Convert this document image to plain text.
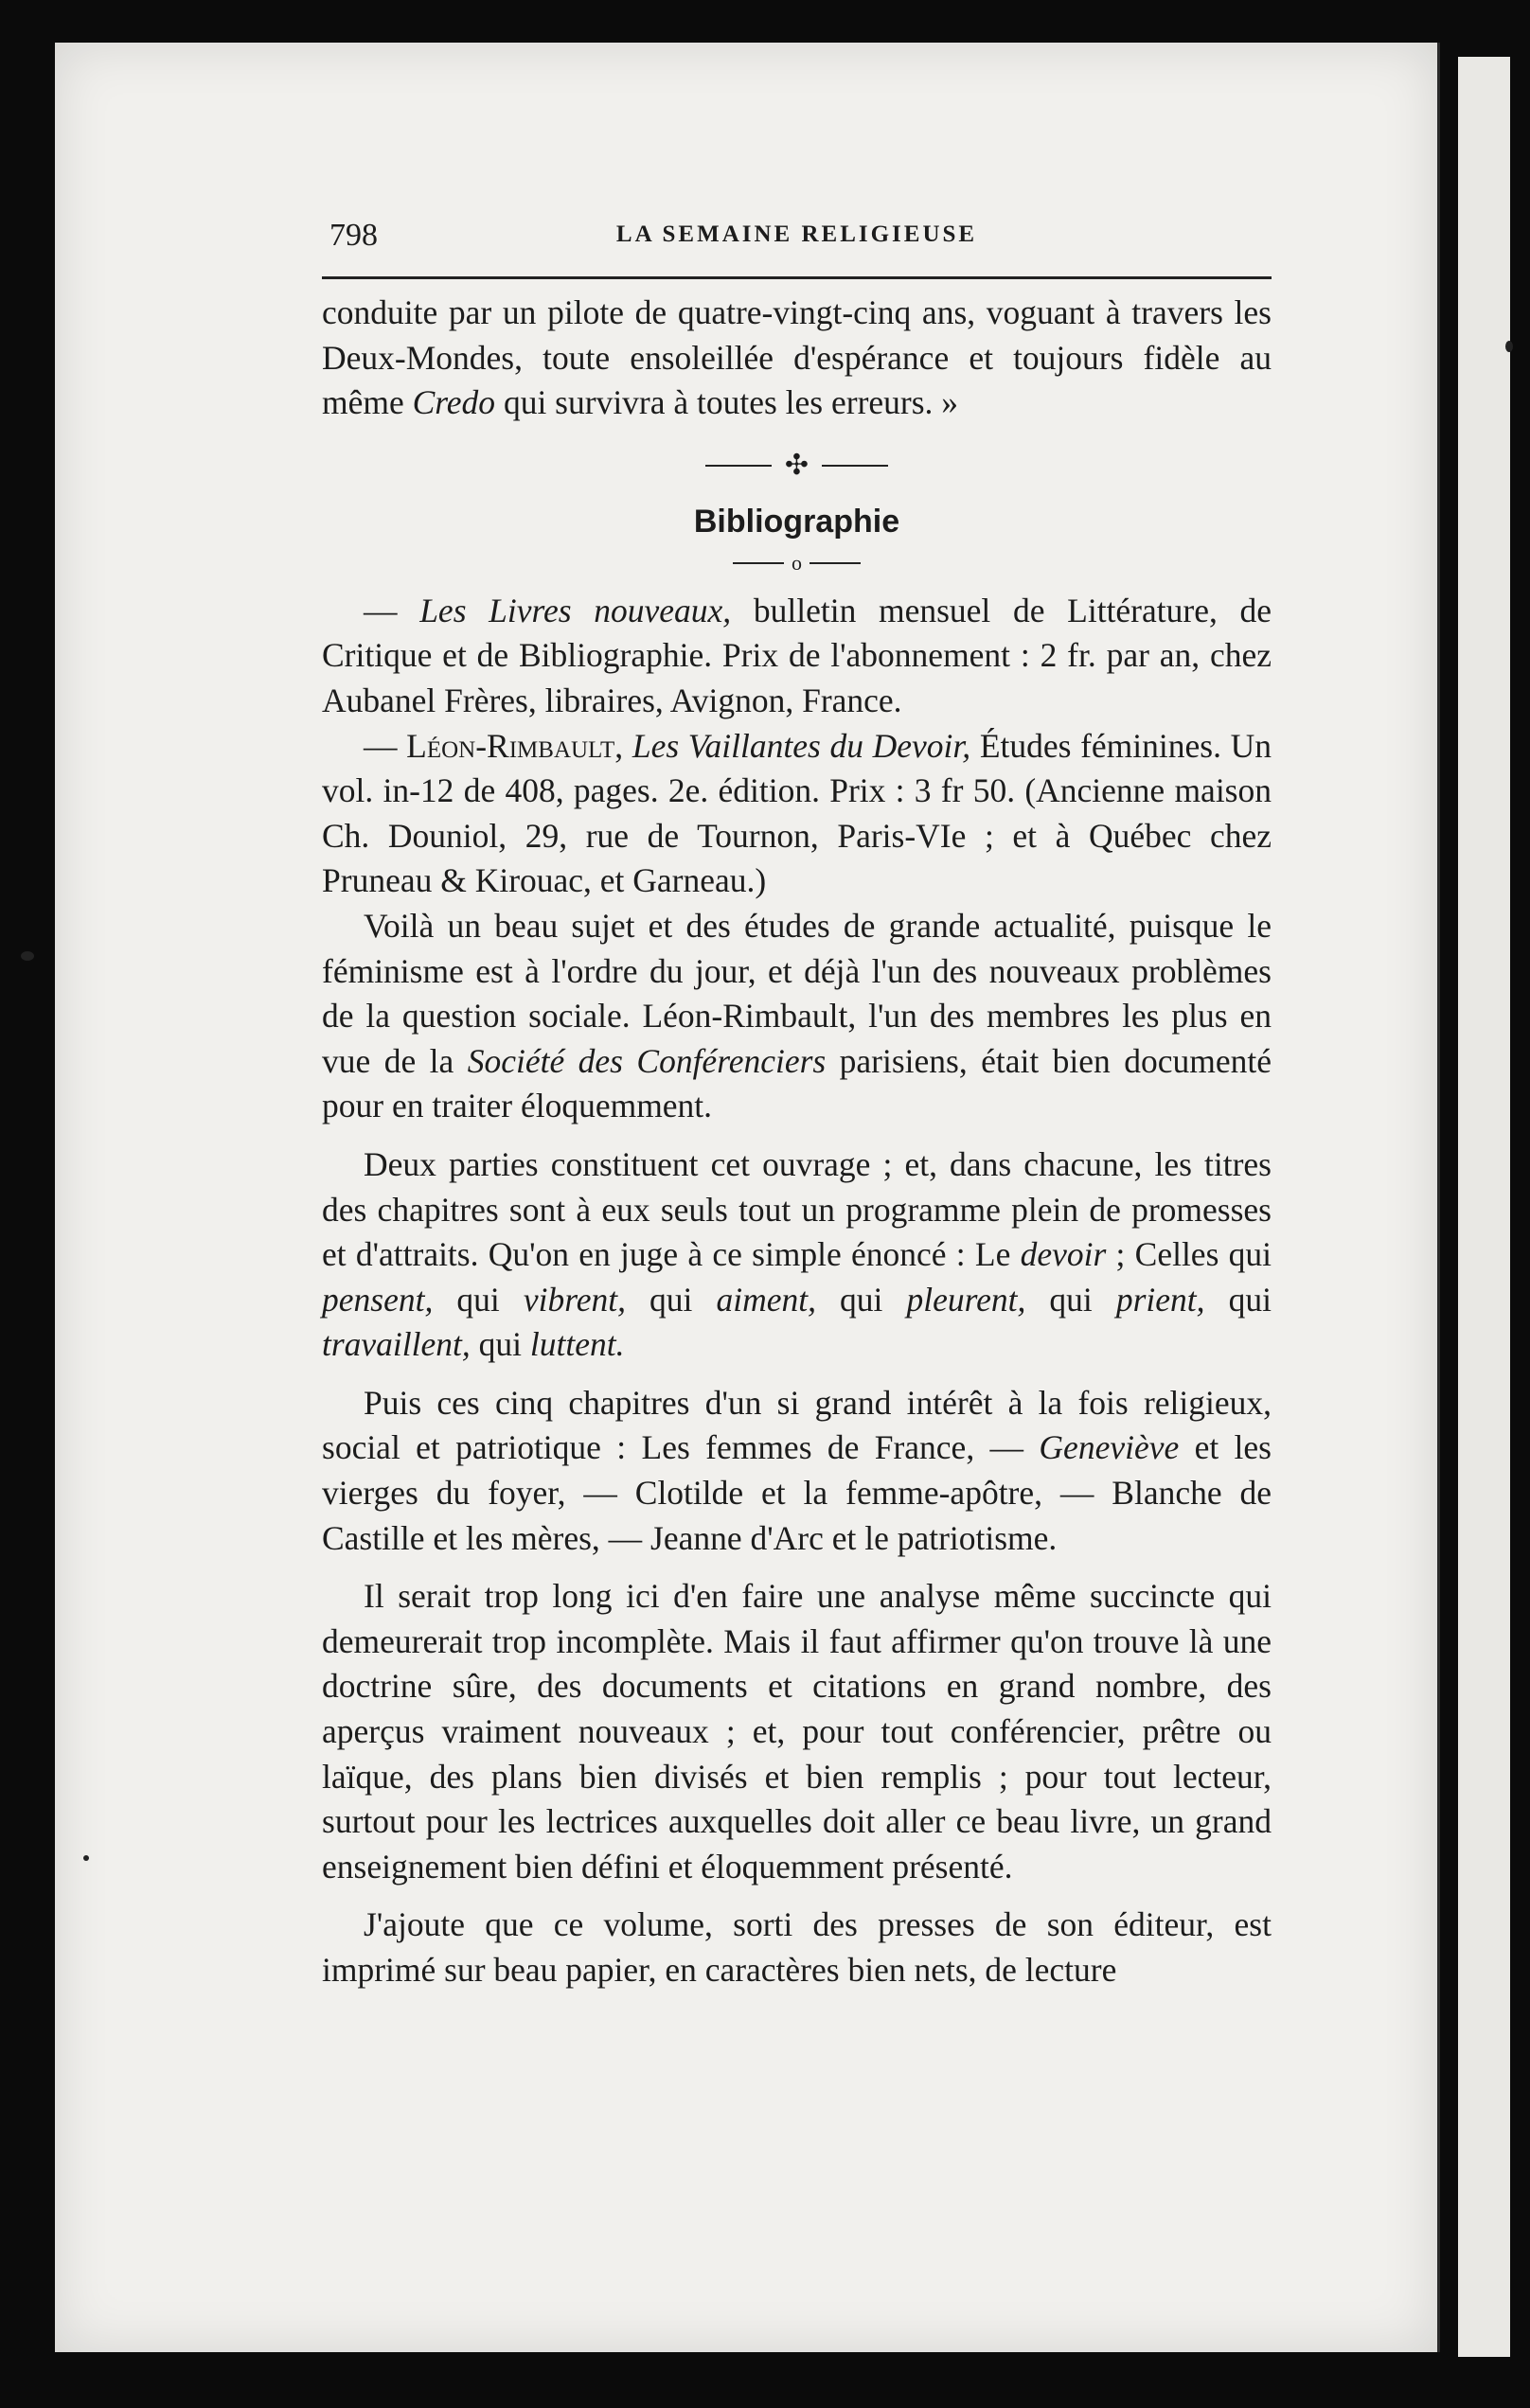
798	LA SEMAINE RELIGIEUSE

conduite par un pilote de quatre-vingt-cinq ans, voguant à travers les Deux-Mondes, toute ensoleillée d'espérance et toujours fidèle au même Credo qui survivra à toutes les erreurs. »

✣
Bibliographie
o

— Les Livres nouveaux, bulletin mensuel de Littérature, de Critique et de Bibliographie. Prix de l'abonnement : 2 fr. par an, chez Aubanel Frères, libraires, Avignon, France.

— Léon-Rimbault, Les Vaillantes du Devoir, Études féminines. Un vol. in-12 de 408, pages. 2e. édition. Prix : 3 fr 50. (Ancienne maison Ch. Douniol, 29, rue de Tournon, Paris-VIe ; et à Québec chez Pruneau & Kirouac, et Garneau.)

Voilà un beau sujet et des études de grande actualité, puisque le féminisme est à l'ordre du jour, et déjà l'un des nouveaux problèmes de la question sociale. Léon-Rimbault, l'un des membres les plus en vue de la Société des Conférenciers parisiens, était bien documenté pour en traiter éloquemment.

Deux parties constituent cet ouvrage ; et, dans chacune, les titres des chapitres sont à eux seuls tout un programme plein de promesses et d'attraits. Qu'on en juge à ce simple énoncé : Le devoir ; Celles qui pensent, qui vibrent, qui aiment, qui pleurent, qui prient, qui travaillent, qui luttent.

Puis ces cinq chapitres d'un si grand intérêt à la fois religieux, social et patriotique : Les femmes de France, — Geneviève et les vierges du foyer, — Clotilde et la femme-apôtre, — Blanche de Castille et les mères, — Jeanne d'Arc et le patriotisme.

Il serait trop long ici d'en faire une analyse même succincte qui demeurerait trop incomplète. Mais il faut affirmer qu'on trouve là une doctrine sûre, des documents et citations en grand nombre, des aperçus vraiment nouveaux ; et, pour tout conférencier, prêtre ou laïque, des plans bien divisés et bien remplis ; pour tout lecteur, surtout pour les lectrices auxquelles doit aller ce beau livre, un grand enseignement bien défini et éloquemment présenté.

J'ajoute que ce volume, sorti des presses de son éditeur, est imprimé sur beau papier, en caractères bien nets, de lecture
